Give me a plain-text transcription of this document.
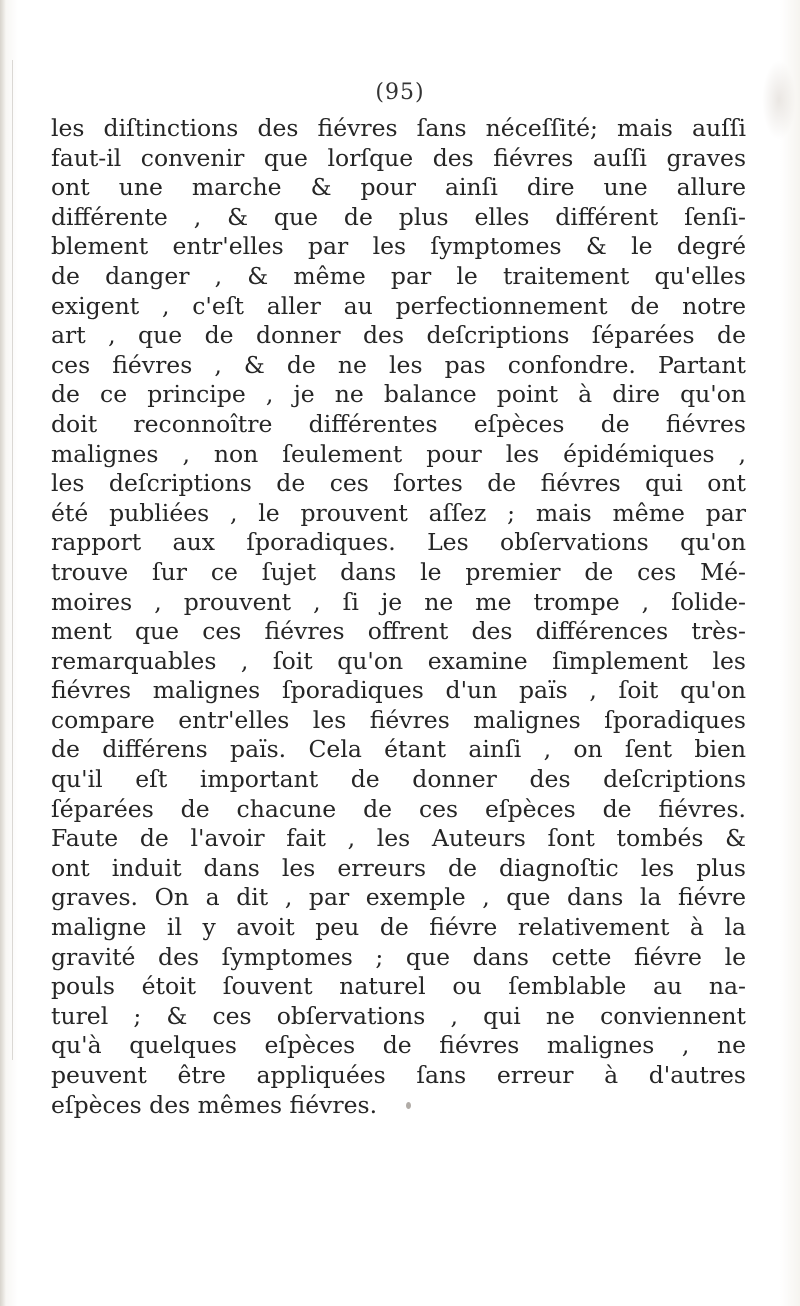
(95)
les diſtinctions des fiévres ſans néceſſité; mais auſſi
faut-il convenir que lorſque des fiévres auſſi graves
ont une marche & pour ainſi dire une allure
différente , & que de plus elles différent ſenſi-
blement entr'elles par les ſymptomes & le degré
de danger , & même par le traitement qu'elles
exigent , c'eſt aller au perfectionnement de notre
art , que de donner des deſcriptions ſéparées de
ces fiévres , & de ne les pas confondre. Partant
de ce principe , je ne balance point à dire qu'on
doit reconnoître différentes eſpèces de fiévres
malignes , non ſeulement pour les épidémiques ,
les deſcriptions de ces ſortes de fiévres qui ont
été publiées , le prouvent aſſez ; mais même par
rapport aux ſporadiques. Les obſervations qu'on
trouve ſur ce ſujet dans le premier de ces Mé-
moires , prouvent , ſi je ne me trompe , ſolide-
ment que ces fiévres offrent des différences très-
remarquables , ſoit qu'on examine ſimplement les
fiévres malignes ſporadiques d'un païs , ſoit qu'on
compare entr'elles les fiévres malignes ſporadiques
de différens païs. Cela étant ainſi , on ſent bien
qu'il eſt important de donner des deſcriptions
ſéparées de chacune de ces eſpèces de fiévres.
Faute de l'avoir fait , les Auteurs ſont tombés &
ont induit dans les erreurs de diagnoſtic les plus
graves. On a dit , par exemple , que dans la fiévre
maligne il y avoit peu de fiévre relativement à la
gravité des ſymptomes ; que dans cette fiévre le
pouls étoit ſouvent naturel ou ſemblable au na-
turel ; & ces obſervations , qui ne conviennent
qu'à quelques eſpèces de fiévres malignes , ne
peuvent être appliquées ſans erreur à d'autres
eſpèces des mêmes fiévres.
